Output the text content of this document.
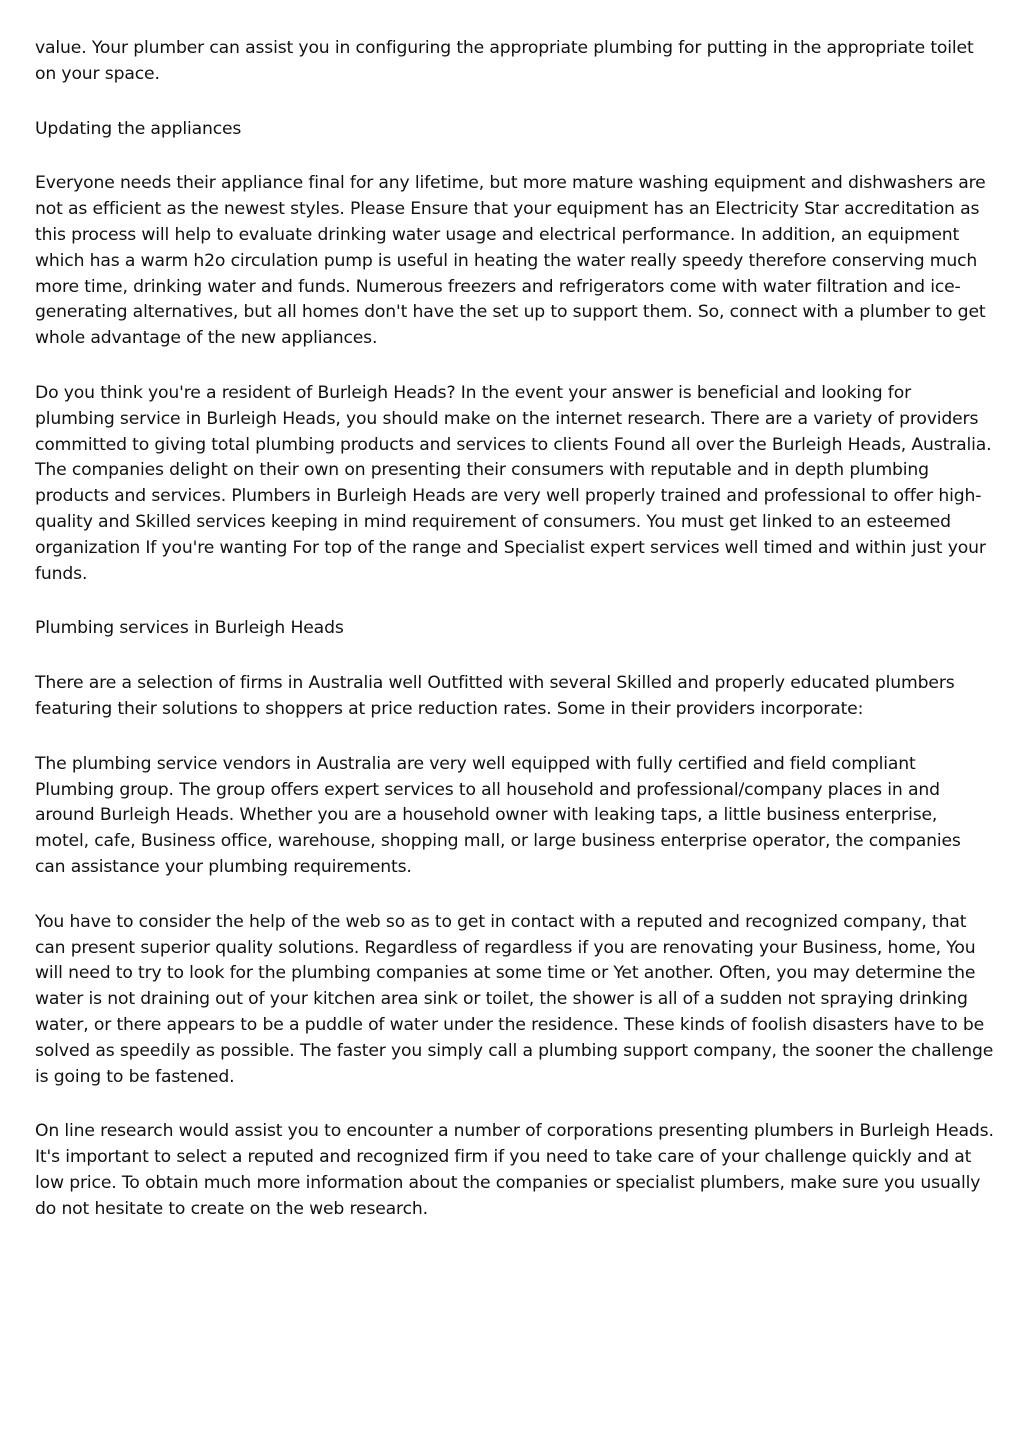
value. Your plumber can assist you in configuring the appropriate plumbing for putting in the appropriate toilet on your space.

Updating the appliances

Everyone needs their appliance final for any lifetime, but more mature washing equipment and dishwashers are not as efficient as the newest styles. Please Ensure that your equipment has an Electricity Star accreditation as this process will help to evaluate drinking water usage and electrical performance. In addition, an equipment which has a warm h2o circulation pump is useful in heating the water really speedy therefore conserving much more time, drinking water and funds. Numerous freezers and refrigerators come with water filtration and ice-generating alternatives, but all homes don't have the set up to support them. So, connect with a plumber to get whole advantage of the new appliances.

Do you think you're a resident of Burleigh Heads? In the event your answer is beneficial and looking for plumbing service in Burleigh Heads, you should make on the internet research. There are a variety of providers committed to giving total plumbing products and services to clients Found all over the Burleigh Heads, Australia. The companies delight on their own on presenting their consumers with reputable and in depth plumbing products and services. Plumbers in Burleigh Heads are very well properly trained and professional to offer high-quality and Skilled services keeping in mind requirement of consumers. You must get linked to an esteemed organization If you're wanting For top of the range and Specialist expert services well timed and within just your funds.

Plumbing services in Burleigh Heads

There are a selection of firms in Australia well Outfitted with several Skilled and properly educated plumbers featuring their solutions to shoppers at price reduction rates. Some in their providers incorporate:

The plumbing service vendors in Australia are very well equipped with fully certified and field compliant Plumbing group. The group offers expert services to all household and professional/company places in and around Burleigh Heads. Whether you are a household owner with leaking taps, a little business enterprise, motel, cafe, Business office, warehouse, shopping mall, or large business enterprise operator, the companies can assistance your plumbing requirements.

You have to consider the help of the web so as to get in contact with a reputed and recognized company, that can present superior quality solutions. Regardless of regardless if you are renovating your Business, home, You will need to try to look for the plumbing companies at some time or Yet another. Often, you may determine the water is not draining out of your kitchen area sink or toilet, the shower is all of a sudden not spraying drinking water, or there appears to be a puddle of water under the residence. These kinds of foolish disasters have to be solved as speedily as possible. The faster you simply call a plumbing support company, the sooner the challenge is going to be fastened.

On line research would assist you to encounter a number of corporations presenting plumbers in Burleigh Heads. It's important to select a reputed and recognized firm if you need to take care of your challenge quickly and at low price. To obtain much more information about the companies or specialist plumbers, make sure you usually do not hesitate to create on the web research.
